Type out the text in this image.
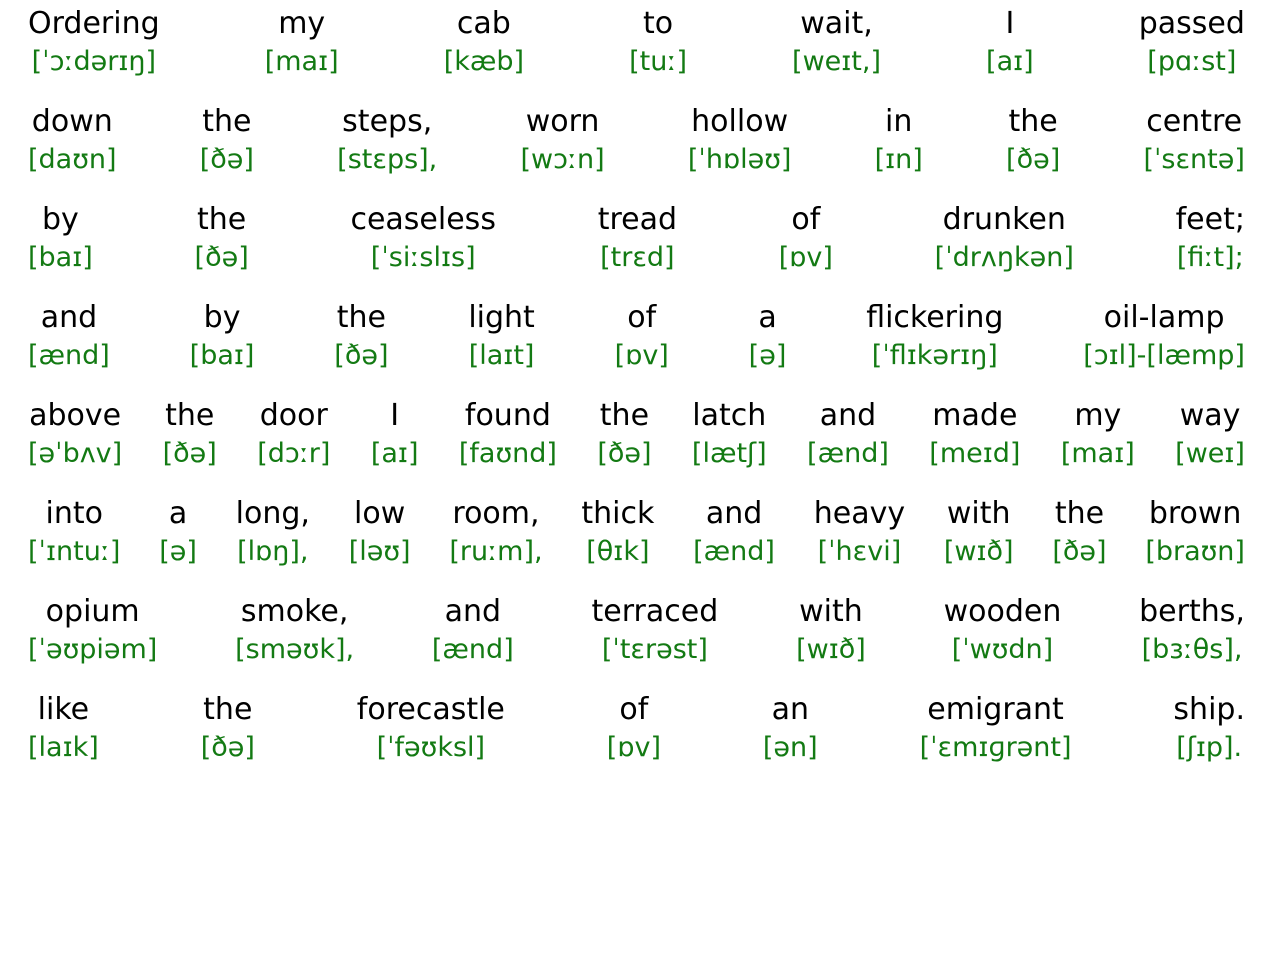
Ordering
[ˈɔːdərɪŋ]
my
[maɪ]
cab
[kæb]
to
[tuː]
wait,
[weɪt,]
I
[aɪ]
passed
[pɑːst]
down
[daʊn]
the
[ðə]
steps,
[stɛps],
worn
[wɔːn]
hollow
[ˈhɒləʊ]
in
[ɪn]
the
[ðə]
centre
[ˈsɛntə]
by
[baɪ]
the
[ðə]
ceaseless
[ˈsiːslɪs]
tread
[trɛd]
of
[ɒv]
drunken
[ˈdrʌŋkən]
feet;
[fiːt];
and
[ænd]
by
[baɪ]
the
[ðə]
light
[laɪt]
of
[ɒv]
a
[ə]
flickering
[ˈflɪkərɪŋ]
oil-lamp
[ɔɪl]-[læmp]
above
[əˈbʌv]
the
[ðə]
door
[dɔːr]
I
[aɪ]
found
[faʊnd]
the
[ðə]
latch
[lætʃ]
and
[ænd]
made
[meɪd]
my
[maɪ]
way
[weɪ]
into
[ˈɪntuː]
a
[ə]
long,
[lɒŋ],
low
[ləʊ]
room,
[ruːm],
thick
[θɪk]
and
[ænd]
heavy
[ˈhɛvi]
with
[wɪð]
the
[ðə]
brown
[braʊn]
opium
[ˈəʊpiəm]
smoke,
[sməʊk],
and
[ænd]
terraced
[ˈtɛrəst]
with
[wɪð]
wooden
[ˈwʊdn]
berths,
[bɜːθs],
like
[laɪk]
the
[ðə]
forecastle
[ˈfəʊksl]
of
[ɒv]
an
[ən]
emigrant
[ˈɛmɪɡrənt]
ship.
[ʃɪp].
